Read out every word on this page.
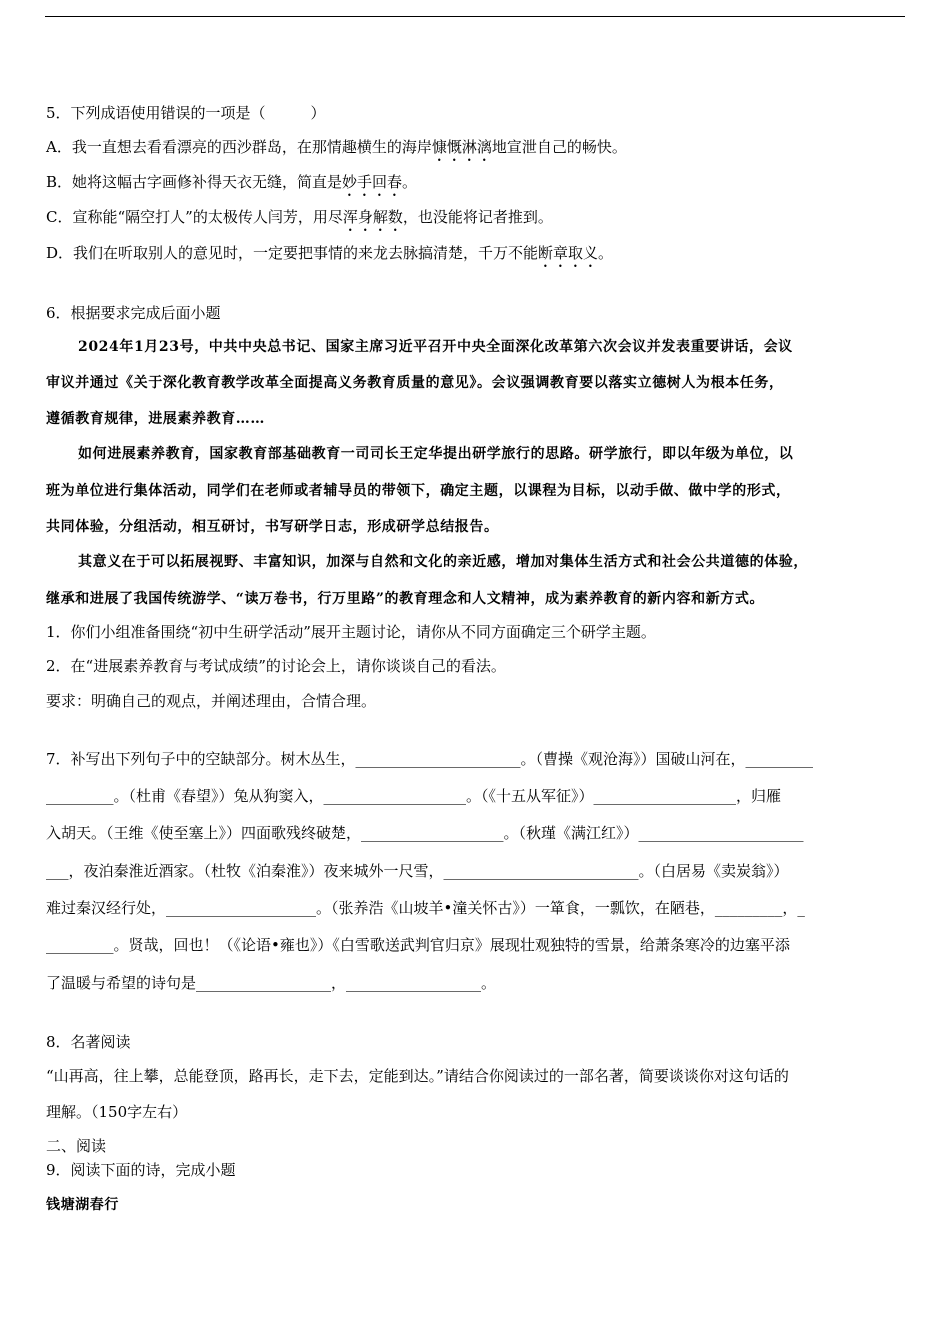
5．下列成语使用错误的一项是（　　　）
A．我一直想去看看漂亮的西沙群岛，在那情趣横生的海岸慷慨淋漓地宣泄自己的畅快。
B．她将这幅古字画修补得天衣无缝，简直是妙手回春。
C．宣称能“隔空打人”的太极传人闫芳，用尽浑身解数，也没能将记者推到。
D．我们在听取别人的意见时，一定要把事情的来龙去脉搞清楚，千万不能断章取义。
6．根据要求完成后面小题
2024年1月23号，中共中央总书记、国家主席习近平召开中央全面深化改革第六次会议并发表重要讲话，会议
审议并通过《关于深化教育教学改革全面提高义务教育质量的意见》。会议强调教育要以落实立德树人为根本任务，
遵循教育规律，进展素养教育……
如何进展素养教育，国家教育部基础教育一司司长王定华提出研学旅行的思路。研学旅行，即以年级为单位，以
班为单位进行集体活动，同学们在老师或者辅导员的带领下，确定主题，以课程为目标，以动手做、做中学的形式，
共同体验，分组活动，相互研讨，书写研学日志，形成研学总结报告。
其意义在于可以拓展视野、丰富知识，加深与自然和文化的亲近感，增加对集体生活方式和社会公共道德的体验，
继承和进展了我国传统游学、“读万卷书，行万里路”的教育理念和人文精神，成为素养教育的新内容和新方式。
1．你们小组准备围绕“初中生研学活动”展开主题讨论，请你从不同方面确定三个研学主题。
2．在“进展素养教育与考试成绩”的讨论会上，请你谈谈自己的看法。
要求：明确自己的观点，并阐述理由，合情合理。
7．补写出下列句子中的空缺部分。树木丛生，______________________。（曹操《观沧海》）国破山河在，_________
_________。（杜甫《春望》）兔从狗窦入，___________________。（《十五从军征》）___________________，归雁
入胡天。（王维《使至塞上》）四面歌残终破楚，___________________。（秋瑾《满江红》）______________________
___，夜泊秦淮近酒家。（杜牧《泊秦淮》）夜来城外一尺雪，__________________________。（白居易《卖炭翁》）
难过秦汉经行处，____________________。（张养浩《山坡羊•潼关怀古》）一箪食，一瓢饮，在陋巷，_________，_
_________。贤哉，回也！（《论语•雍也》）《白雪歌送武判官归京》展现壮观独特的雪景，给萧条寒冷的边塞平添
了温暖与希望的诗句是__________________，__________________。
8．名著阅读
“山再高，往上攀，总能登顶，路再长，走下去，定能到达。”请结合你阅读过的一部名著，简要谈谈你对这句话的
理解。（150字左右）
二、阅读
9．阅读下面的诗，完成小题
钱塘湖春行
